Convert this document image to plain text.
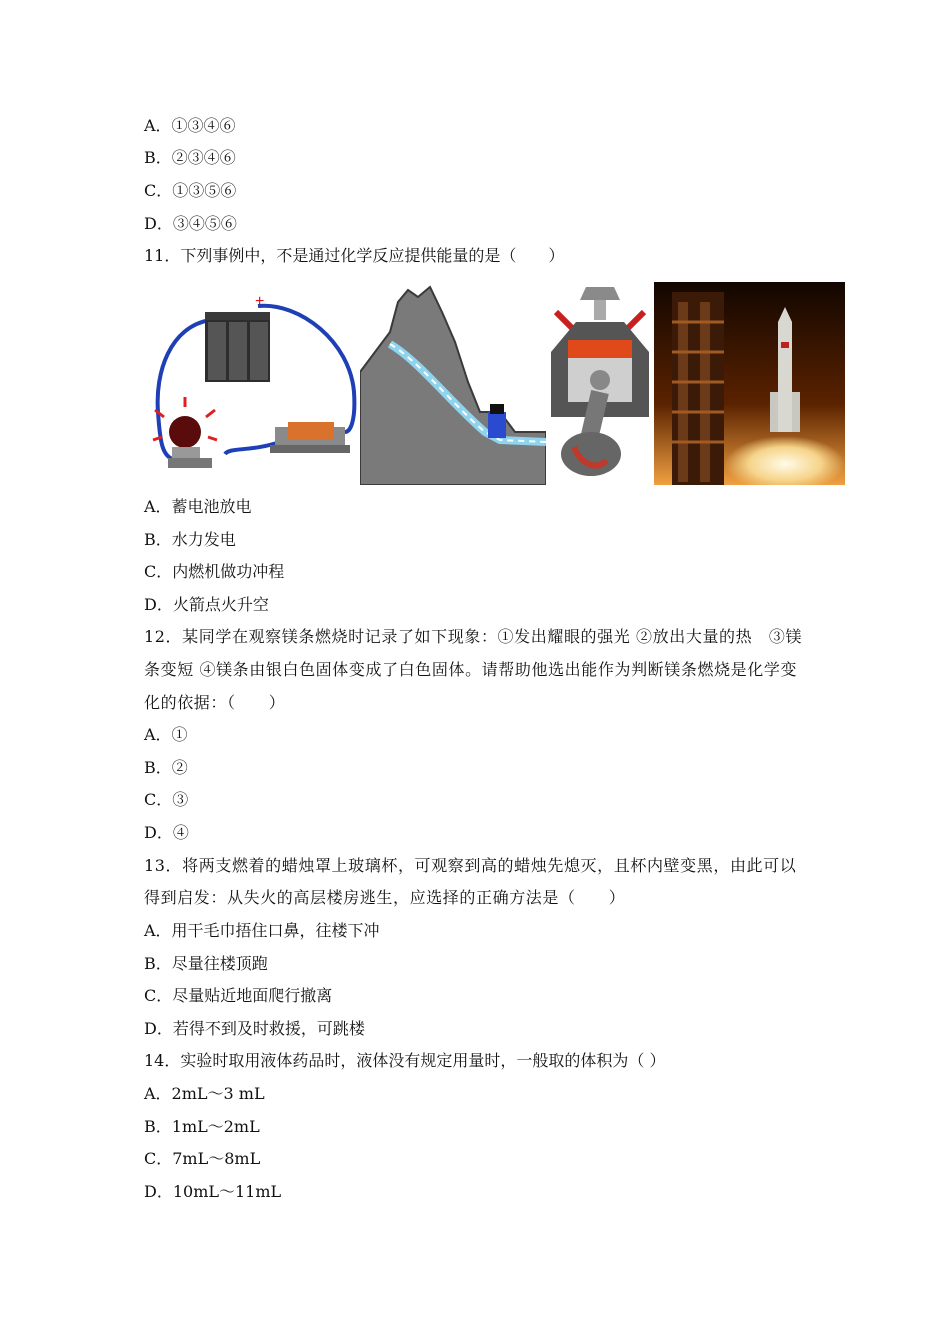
A．①③④⑥
B．②③④⑥
C．①③⑤⑥
D．③④⑤⑥
11．下列事例中，不是通过化学反应提供能量的是（　　）
+
A．蓄电池放电
B．水力发电
C．内燃机做功冲程
D．火箭点火升空
12．某同学在观察镁条燃烧时记录了如下现象：①发出耀眼的强光 ②放出大量的热　③镁
条变短 ④镁条由银白色固体变成了白色固体。请帮助他选出能作为判断镁条燃烧是化学变
化的依据：（　　）
A．①
B．②
C．③
D．④
13．将两支燃着的蜡烛罩上玻璃杯，可观察到高的蜡烛先熄灭，且杯内壁变黑，由此可以
得到启发：从失火的高层楼房逃生，应选择的正确方法是（　　）
A．用干毛巾捂住口鼻，往楼下冲
B．尽量往楼顶跑
C．尽量贴近地面爬行撤离
D．若得不到及时救援，可跳楼
14．实验时取用液体药品时，液体没有规定用量时，一般取的体积为（ ）
A．2mL～3 mL
B．1mL～2mL
C．7mL～8mL
D．10mL～11mL
